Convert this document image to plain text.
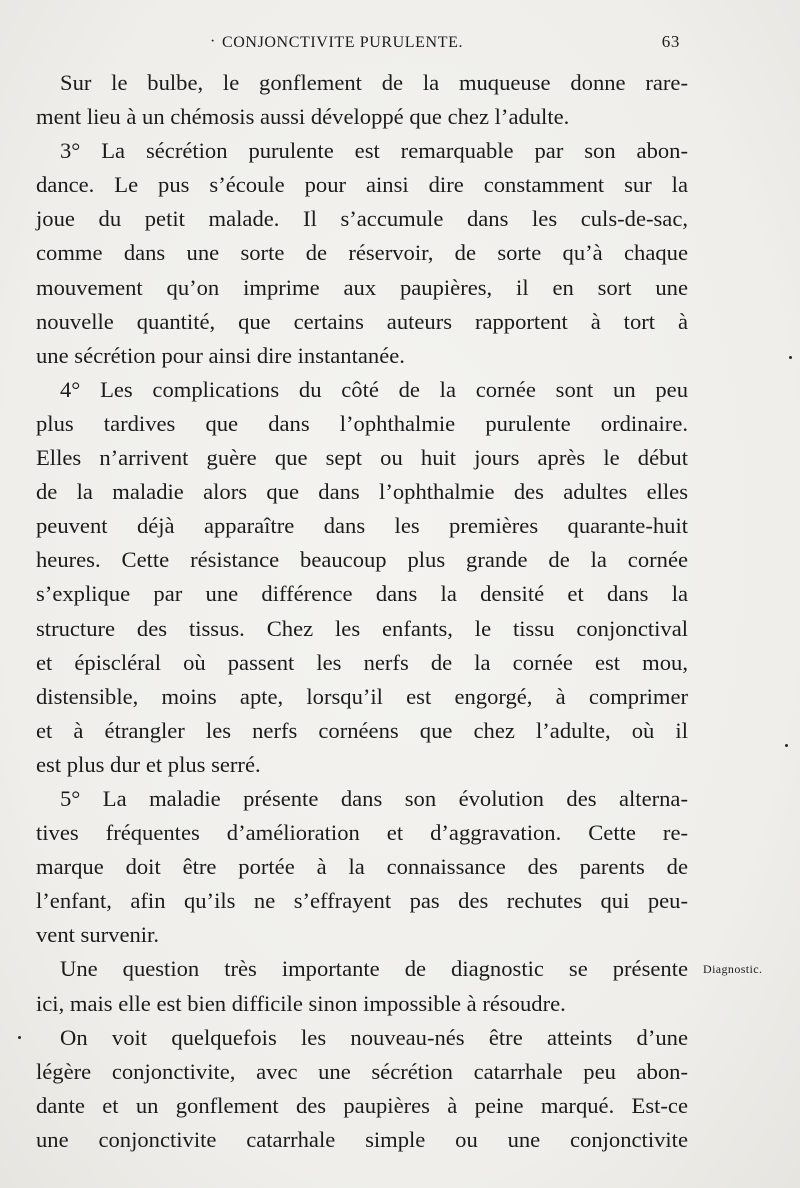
· CONJONCTIVITE PURULENTE.	63
Sur le bulbe, le gonflement de la muqueuse donne rare-
ment lieu à un chémosis aussi développé que chez l’adulte.
3° La sécrétion purulente est remarquable par son abon-
dance. Le pus s’écoule pour ainsi dire constamment sur la
joue du petit malade. Il s’accumule dans les culs-de-sac,
comme dans une sorte de réservoir, de sorte qu’à chaque
mouvement qu’on imprime aux paupières, il en sort une
nouvelle quantité, que certains auteurs rapportent à tort à
une sécrétion pour ainsi dire instantanée.
4° Les complications du côté de la cornée sont un peu
plus tardives que dans l’ophthalmie purulente ordinaire.
Elles n’arrivent guère que sept ou huit jours après le début
de la maladie alors que dans l’ophthalmie des adultes elles
peuvent déjà apparaître dans les premières quarante-huit
heures. Cette résistance beaucoup plus grande de la cornée
s’explique par une différence dans la densité et dans la
structure des tissus. Chez les enfants, le tissu conjonctival
et épiscléral où passent les nerfs de la cornée est mou,
distensible, moins apte, lorsqu’il est engorgé, à comprimer
et à étrangler les nerfs cornéens que chez l’adulte, où il
est plus dur et plus serré.
5° La maladie présente dans son évolution des alterna-
tives fréquentes d’amélioration et d’aggravation. Cette re-
marque doit être portée à la connaissance des parents de
l’enfant, afin qu’ils ne s’effrayent pas des rechutes qui peu-
vent survenir.
Une question très importante de diagnostic se présente
ici, mais elle est bien difficile sinon impossible à résoudre.
On voit quelquefois les nouveau-nés être atteints d’une
légère conjonctivite, avec une sécrétion catarrhale peu abon-
dante et un gonflement des paupières à peine marqué. Est-ce
une conjonctivite catarrhale simple ou une conjonctivite
Diagnostic.
